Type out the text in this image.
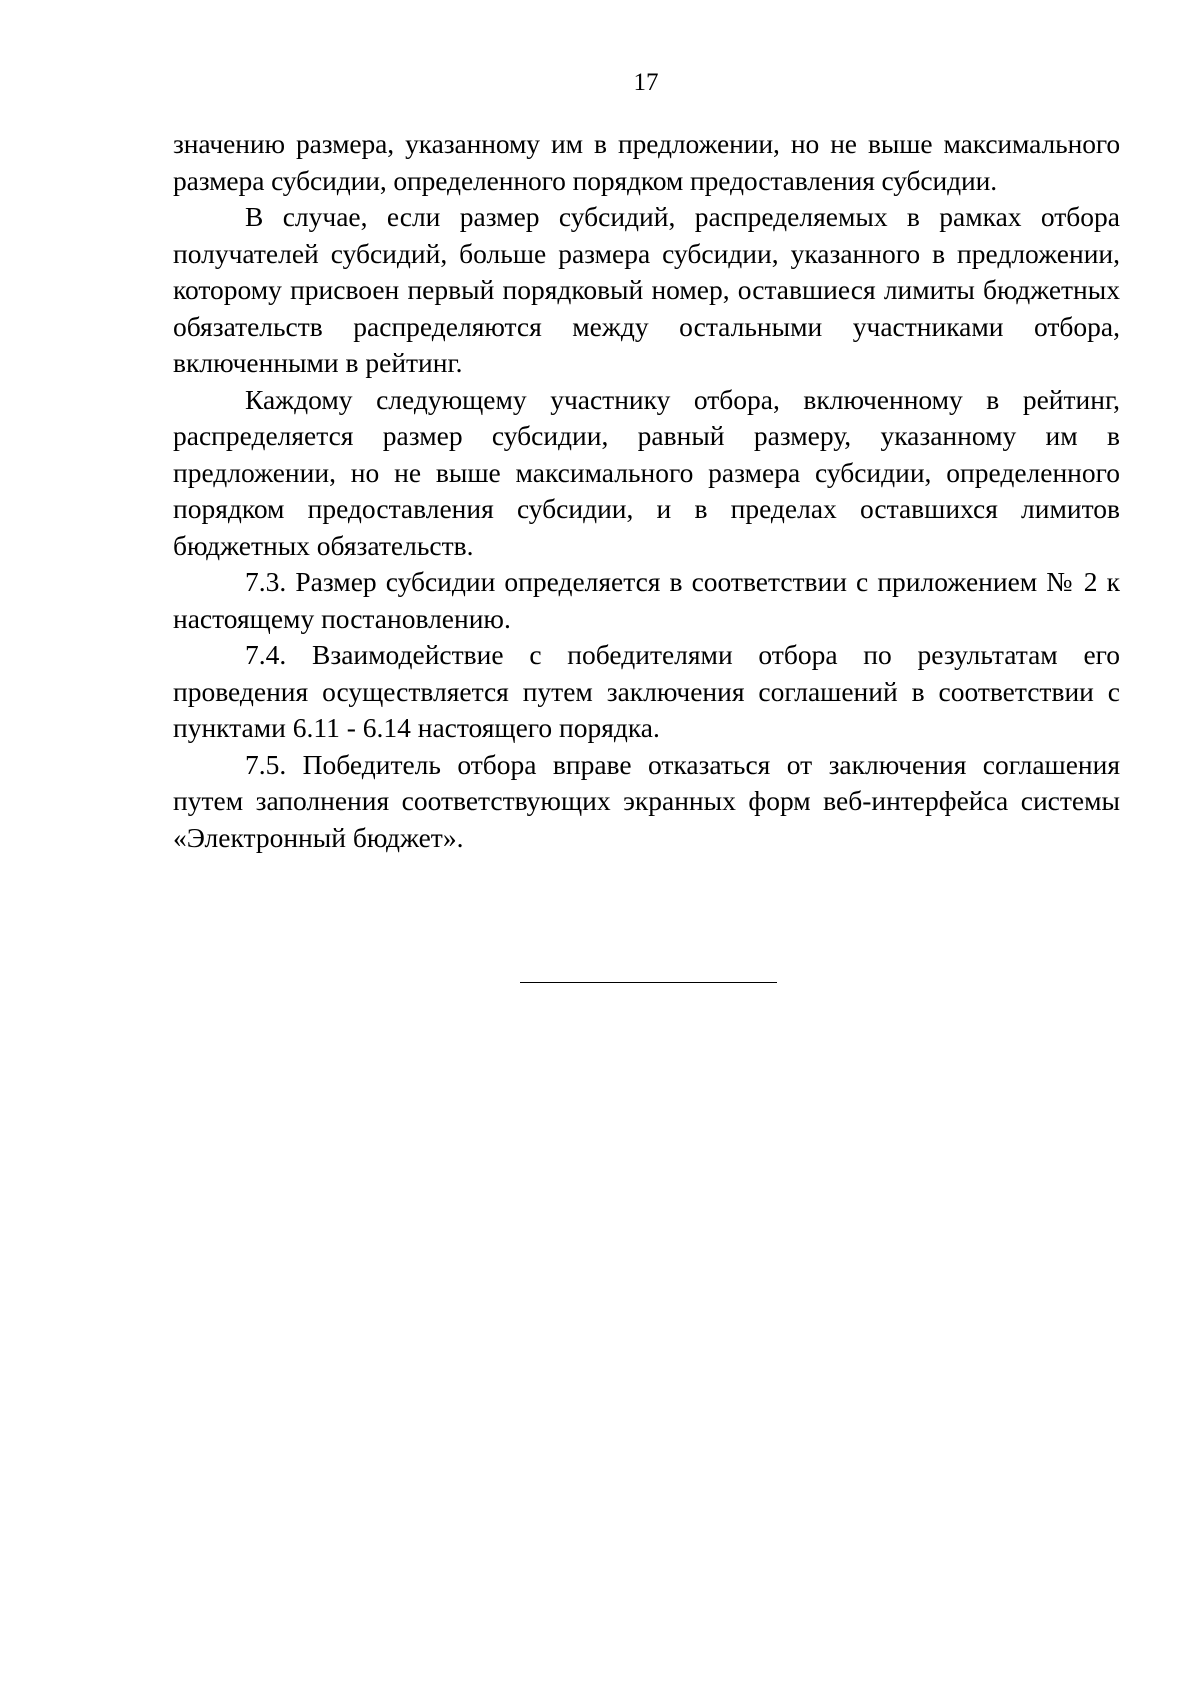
17

значению размера, указанному им в предложении, но не выше максимального размера субсидии, определенного порядком предоставления субсидии.

В случае, если размер субсидий, распределяемых в рамках отбора получателей субсидий, больше размера субсидии, указанного в предложении, которому присвоен первый порядковый номер, оставшиеся лимиты бюджетных обязательств распределяются между остальными участниками отбора, включенными в рейтинг.

Каждому следующему участнику отбора, включенному в рейтинг, распределяется размер субсидии, равный размеру, указанному им в предложении, но не выше максимального размера субсидии, определенного порядком предоставления субсидии, и в пределах оставшихся лимитов бюджетных обязательств.

7.3. Размер субсидии определяется в соответствии с приложением № 2 к настоящему постановлению.

7.4. Взаимодействие с победителями отбора по результатам его проведения осуществляется путем заключения соглашений в соответствии с пунктами 6.11 - 6.14 настоящего порядка.

7.5. Победитель отбора вправе отказаться от заключения соглашения путем заполнения соответствующих экранных форм веб-интерфейса системы «Электронный бюджет».
